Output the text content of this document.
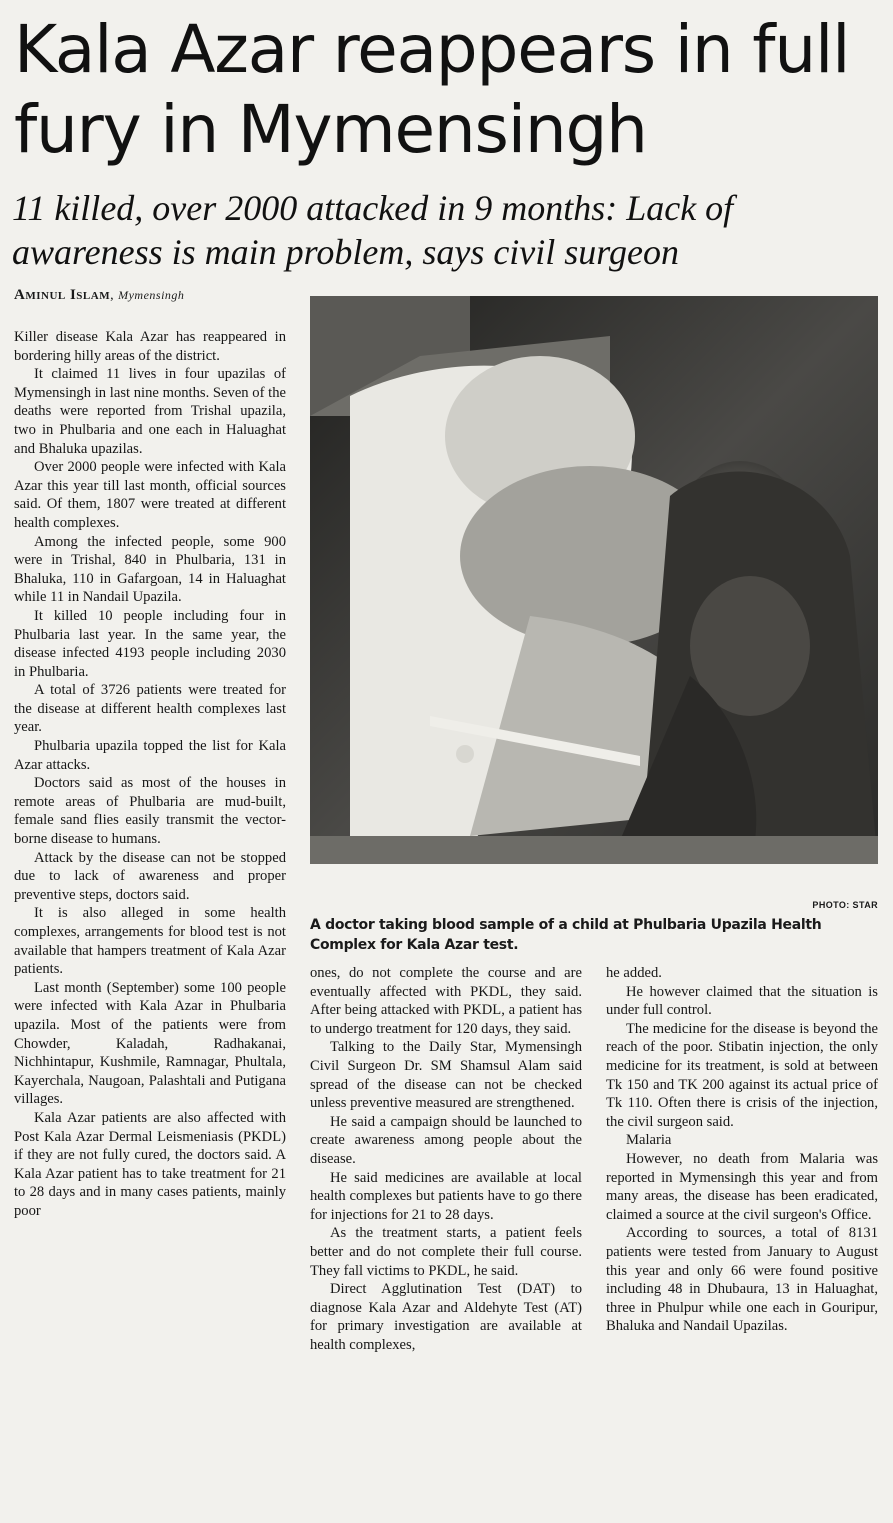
Kala Azar reappears in full fury in Mymensingh
11 killed, over 2000 attacked in 9 months: Lack of awareness is main problem, says civil surgeon
Aminul Islam, Mymensingh

Killer disease Kala Azar has reappeared in bordering hilly areas of the district.

It claimed 11 lives in four upazilas of Mymensingh in last nine months. Seven of the deaths were reported from Trishal upazila, two in Phulbaria and one each in Haluaghat and Bhaluka upazilas.

Over 2000 people were infected with Kala Azar this year till last month, official sources said. Of them, 1807 were treated at different health complexes.

Among the infected people, some 900 were in Trishal, 840 in Phulbaria, 131 in Bhaluka, 110 in Gafargoan, 14 in Haluaghat while 11 in Nandail Upazila.

It killed 10 people including four in Phulbaria last year. In the same year, the disease infected 4193 people including 2030 in Phulbaria.

A total of 3726 patients were treated for the disease at different health complexes last year.

Phulbaria upazila topped the list for Kala Azar attacks.

Doctors said as most of the houses in remote areas of Phulbaria are mud-built, female sand flies easily transmit the vector-borne disease to humans.

Attack by the disease can not be stopped due to lack of awareness and proper preventive steps, doctors said.

It is also alleged in some health complexes, arrangements for blood test is not available that hampers treatment of Kala Azar patients.

Last month (September) some 100 people were infected with Kala Azar in Phulbaria upazila. Most of the patients were from Chowder, Kaladah, Radhakanai, Nichhintapur, Kushmile, Ramnagar, Phultala, Kayerchala, Naugoan, Palashtali and Putigana villages.

Kala Azar patients are also affected with Post Kala Azar Dermal Leismeniasis (PKDL) if they are not fully cured, the doctors said. A Kala Azar patient has to take treatment for 21 to 28 days and in many cases patients, mainly poor

PHOTO: STAR
A doctor taking blood sample of a child at Phulbaria Upazila Health Complex for Kala Azar test.

ones, do not complete the course and are eventually affected with PKDL, they said. After being attacked with PKDL, a patient has to undergo treatment for 120 days, they said.

Talking to the Daily Star, Mymensingh Civil Surgeon Dr. SM Shamsul Alam said spread of the disease can not be checked unless preventive measured are strengthened.

He said a campaign should be launched to create awareness among people about the disease.

He said medicines are available at local health complexes but patients have to go there for injections for 21 to 28 days.

As the treatment starts, a patient feels better and do not complete their full course. They fall victims to PKDL, he said.

Direct Agglutination Test (DAT) to diagnose Kala Azar and Aldehyte Test (AT) for primary investigation are available at health complexes,

he added.

He however claimed that the situation is under full control.

The medicine for the disease is beyond the reach of the poor. Stibatin injection, the only medicine for its treatment, is sold at between Tk 150 and TK 200 against its actual price of Tk 110. Often there is crisis of the injection, the civil surgeon said.

Malaria

However, no death from Malaria was reported in Mymensingh this year and from many areas, the disease has been eradicated, claimed a source at the civil surgeon's Office.

According to sources, a total of 8131 patients were tested from January to August this year and only 66 were found positive including 48 in Dhubaura, 13 in Haluaghat, three in Phulpur while one each in Gouripur, Bhaluka and Nandail Upazilas.
